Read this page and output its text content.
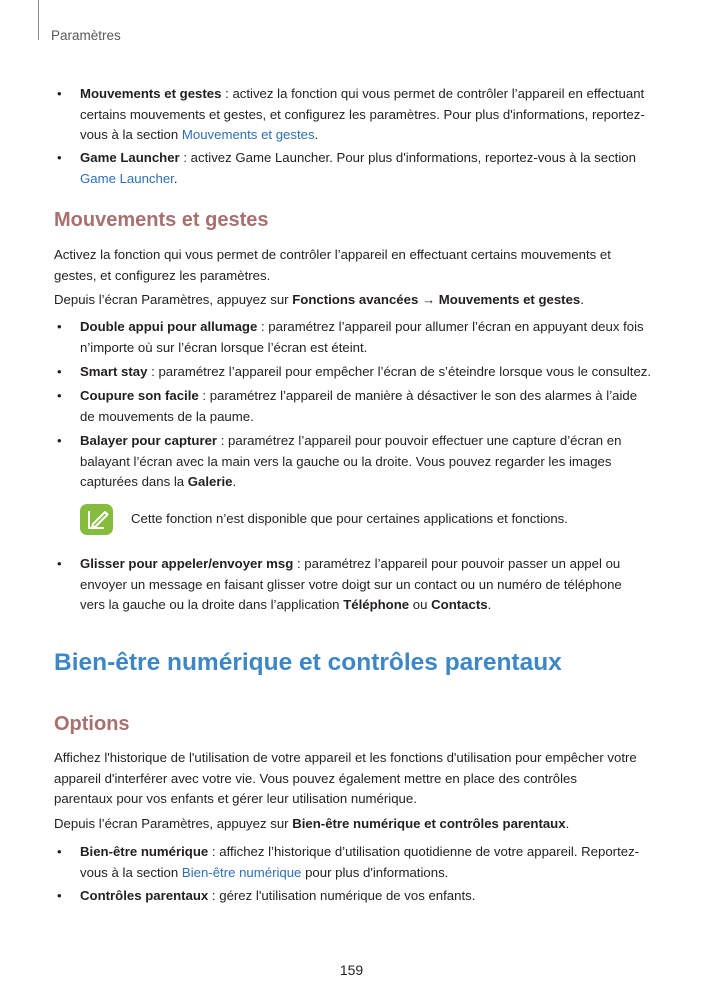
Paramètres
• Mouvements et gestes : activez la fonction qui vous permet de contrôler l’appareil en effectuant certains mouvements et gestes, et configurez les paramètres. Pour plus d'informations, reportez-vous à la section Mouvements et gestes.
• Game Launcher : activez Game Launcher. Pour plus d'informations, reportez-vous à la section Game Launcher.
Mouvements et gestes
Activez la fonction qui vous permet de contrôler l’appareil en effectuant certains mouvements et gestes, et configurez les paramètres.
Depuis l’écran Paramètres, appuyez sur Fonctions avancées → Mouvements et gestes.
• Double appui pour allumage : paramétrez l’appareil pour allumer l’écran en appuyant deux fois n’importe où sur l’écran lorsque l’écran est éteint.
• Smart stay : paramétrez l’appareil pour empêcher l’écran de s’éteindre lorsque vous le consultez.
• Coupure son facile : paramétrez l’appareil de manière à désactiver le son des alarmes à l’aide de mouvements de la paume.
• Balayer pour capturer : paramétrez l’appareil pour pouvoir effectuer une capture d’écran en balayant l’écran avec la main vers la gauche ou la droite. Vous pouvez regarder les images capturées dans la Galerie.
Cette fonction n’est disponible que pour certaines applications et fonctions.
• Glisser pour appeler/envoyer msg : paramétrez l’appareil pour pouvoir passer un appel ou envoyer un message en faisant glisser votre doigt sur un contact ou un numéro de téléphone vers la gauche ou la droite dans l’application Téléphone ou Contacts.
Bien-être numérique et contrôles parentaux
Options
Affichez l'historique de l'utilisation de votre appareil et les fonctions d'utilisation pour empêcher votre appareil d'interférer avec votre vie. Vous pouvez également mettre en place des contrôles parentaux pour vos enfants et gérer leur utilisation numérique.
Depuis l’écran Paramètres, appuyez sur Bien-être numérique et contrôles parentaux.
• Bien-être numérique : affichez l’historique d’utilisation quotidienne de votre appareil. Reportez-vous à la section Bien-être numérique pour plus d'informations.
• Contrôles parentaux : gérez l'utilisation numérique de vos enfants.
159
